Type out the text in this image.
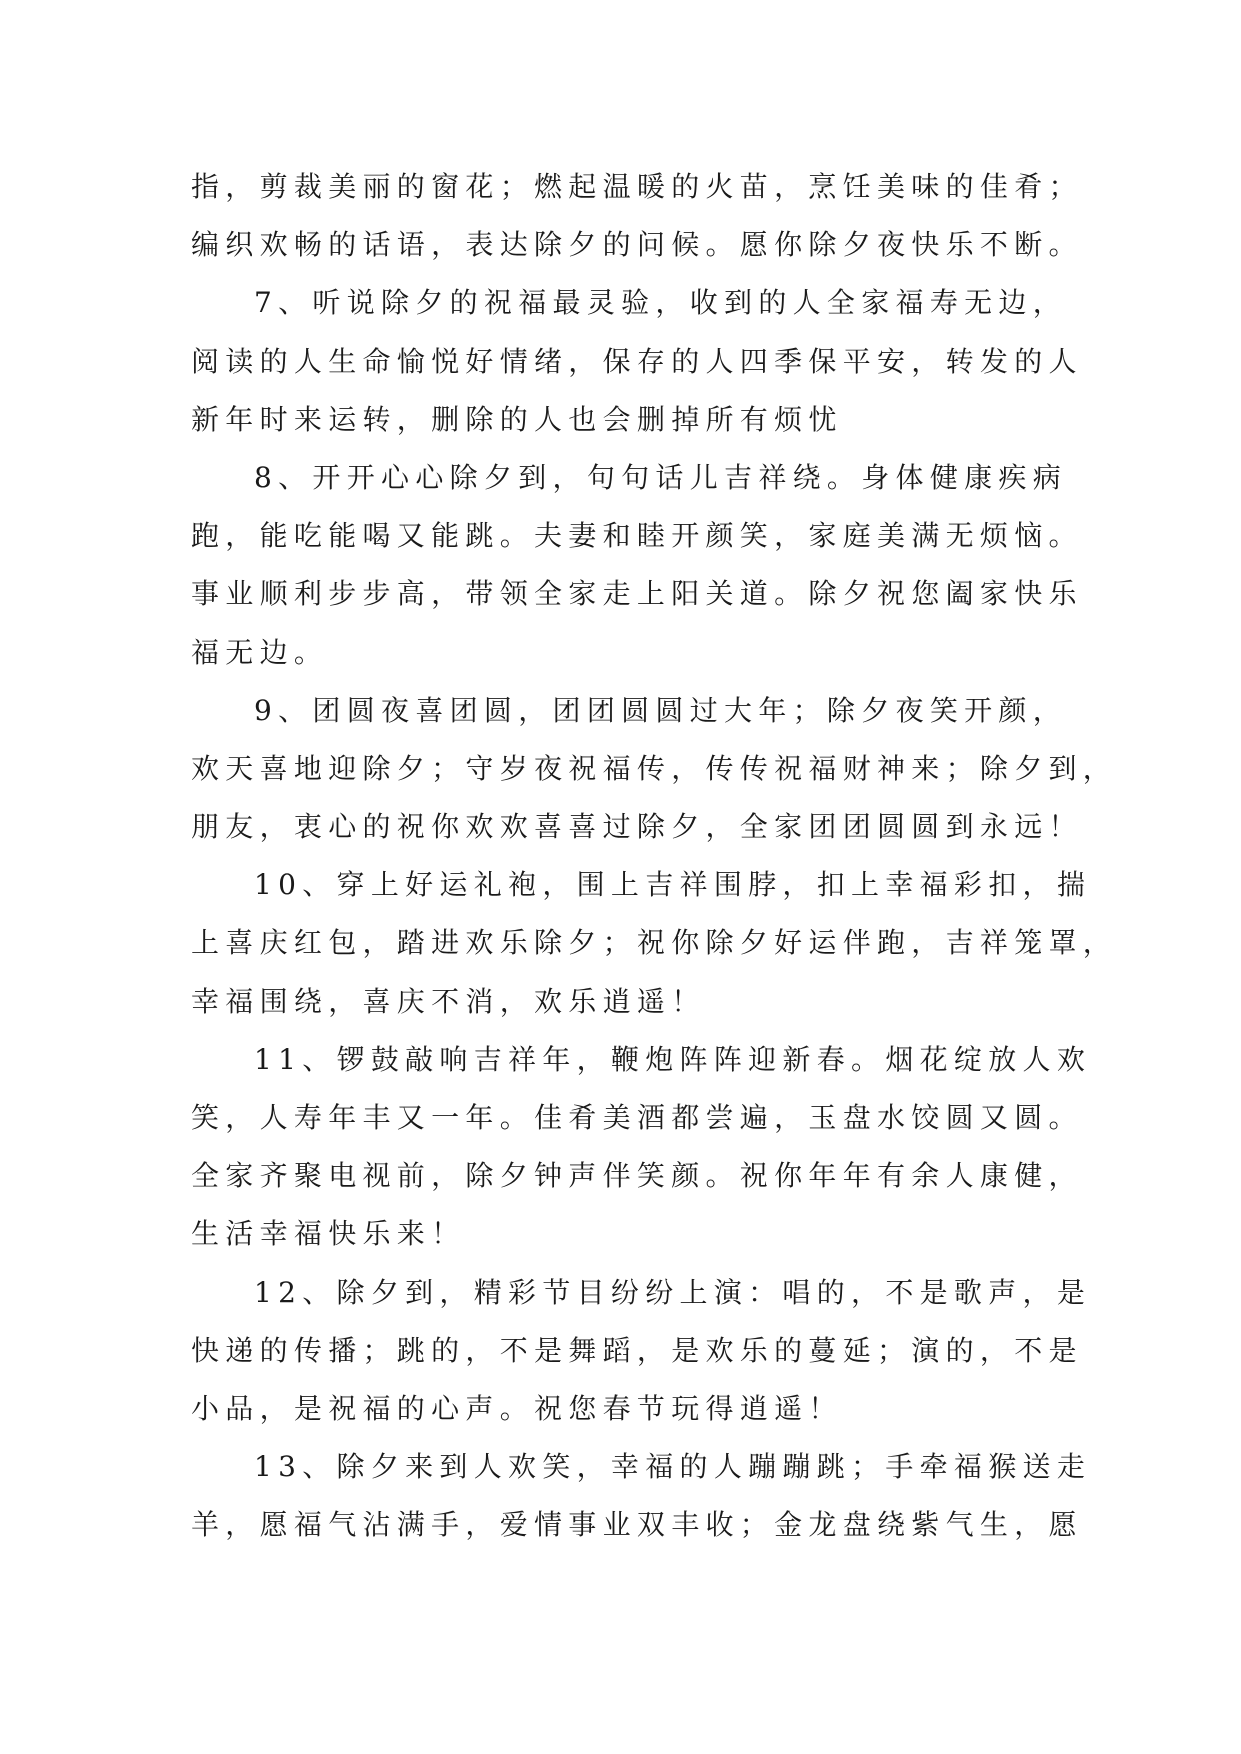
指，剪裁美丽的窗花；燃起温暖的火苗，烹饪美味的佳肴；
编织欢畅的话语，表达除夕的问候。愿你除夕夜快乐不断。

7、听说除夕的祝福最灵验，收到的人全家福寿无边，
阅读的人生命愉悦好情绪，保存的人四季保平安，转发的人
新年时来运转，删除的人也会删掉所有烦忧

8、开开心心除夕到，句句话儿吉祥绕。身体健康疾病
跑，能吃能喝又能跳。夫妻和睦开颜笑，家庭美满无烦恼。
事业顺利步步高，带领全家走上阳关道。除夕祝您阖家快乐
福无边。

9、团圆夜喜团圆，团团圆圆过大年；除夕夜笑开颜，
欢天喜地迎除夕；守岁夜祝福传，传传祝福财神来；除夕到，
朋友，衷心的祝你欢欢喜喜过除夕，全家团团圆圆到永远！

10、穿上好运礼袍，围上吉祥围脖，扣上幸福彩扣，揣
上喜庆红包，踏进欢乐除夕；祝你除夕好运伴跑，吉祥笼罩，
幸福围绕，喜庆不消，欢乐逍遥！

11、锣鼓敲响吉祥年，鞭炮阵阵迎新春。烟花绽放人欢
笑，人寿年丰又一年。佳肴美酒都尝遍，玉盘水饺圆又圆。
全家齐聚电视前，除夕钟声伴笑颜。祝你年年有余人康健，
生活幸福快乐来！

12、除夕到，精彩节目纷纷上演：唱的，不是歌声，是
快递的传播；跳的，不是舞蹈，是欢乐的蔓延；演的，不是
小品，是祝福的心声。祝您春节玩得逍遥！

13、除夕来到人欢笑，幸福的人蹦蹦跳；手牵福猴送走
羊，愿福气沾满手，爱情事业双丰收；金龙盘绕紫气生，愿
